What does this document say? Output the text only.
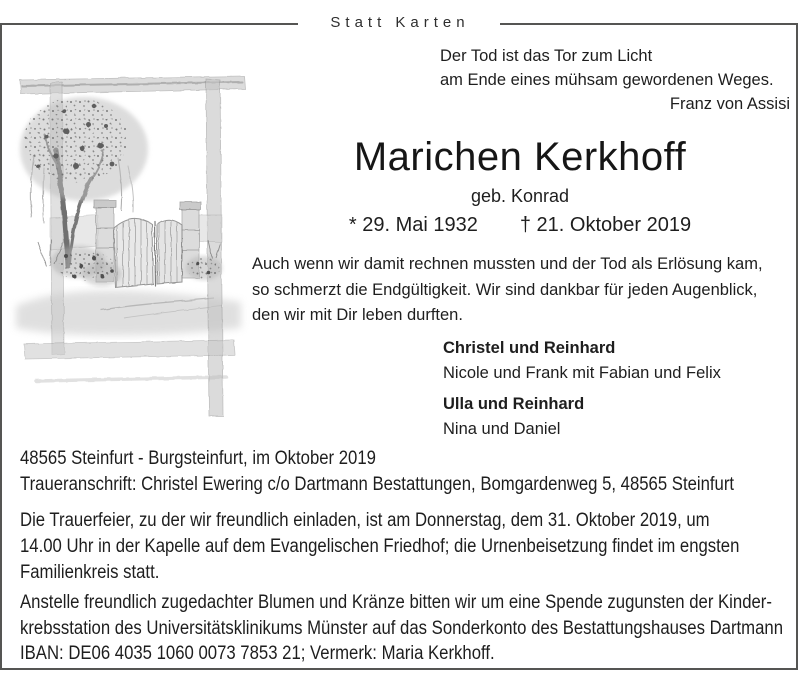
Statt Karten
Der Tod ist das Tor zum Licht
am Ende eines mühsam gewordenen Weges.
Franz von Assisi
Marichen Kerkhoff
geb. Konrad
* 29. Mai 1932 † 21. Oktober 2019
Auch wenn wir damit rechnen mussten und der Tod als Erlösung kam,
so schmerzt die Endgültigkeit. Wir sind dankbar für jeden Augenblick,
den wir mit Dir leben durften.
Christel und Reinhard
Nicole und Frank mit Fabian und Felix
Ulla und Reinhard
Nina und Daniel
48565 Steinfurt - Burgsteinfurt, im Oktober 2019
Traueranschrift: Christel Ewering c/o Dartmann Bestattungen, Bomgardenweg 5, 48565 Steinfurt
Die Trauerfeier, zu der wir freundlich einladen, ist am Donnerstag, dem 31. Oktober 2019, um
14.00 Uhr in der Kapelle auf dem Evangelischen Friedhof; die Urnenbeisetzung findet im engsten
Familienkreis statt.
Anstelle freundlich zugedachter Blumen und Kränze bitten wir um eine Spende zugunsten der Kinder-
krebsstation des Universitätsklinikums Münster auf das Sonderkonto des Bestattungshauses Dartmann
IBAN: DE06 4035 1060 0073 7853 21; Vermerk: Maria Kerkhoff.
